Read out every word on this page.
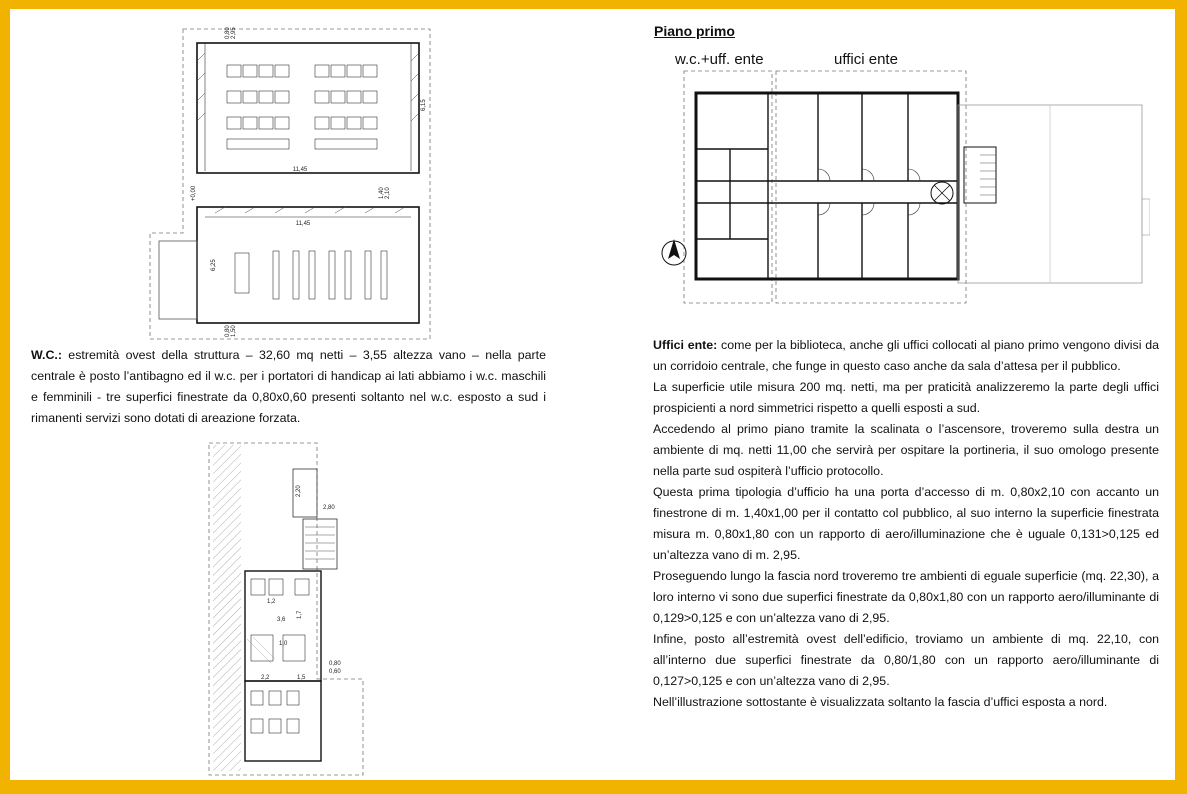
11,45
6,15
+0,00
11,45
6,25
0,80 2,95
0,80 1,50
1,40 2,10

W.C.: estremità ovest della struttura – 32,60 mq netti – 3,55 altezza vano – nella parte centrale è posto l’antibagno ed il w.c. per i portatori di handicap ai lati abbiamo i w.c. maschili e femminili - tre superfici finestrate da 0,80x0,60 presenti soltanto nel w.c. esposto a sud i rimanenti servizi sono dotati di areazione forzata.

2,20
2,80
1,2
3,6
1,7
2,2	1,5
0,80
0,60
1,0
Piano primo
w.c.+uff. ente	uffici ente

Uffici ente: come per la biblioteca, anche gli uffici collocati al piano primo vengono divisi da un corridoio centrale, che funge in questo caso anche da sala d’attesa per il pubblico.

La superficie utile misura 200 mq. netti, ma per praticità analizzeremo la parte degli uffici prospicienti a nord simmetrici rispetto a quelli esposti a sud.

Accedendo al primo piano tramite la scalinata o l’ascensore, troveremo sulla destra un ambiente di mq. netti 11,00 che servirà per ospitare la portineria, il suo omologo presente nella parte sud ospiterà l’ufficio protocollo.

Questa prima tipologia d’ufficio ha una porta d’accesso di m. 0,80x2,10 con accanto un finestrone di m. 1,40x1,00 per il contatto col pubblico, al suo interno la superficie finestrata misura m. 0,80x1,80 con un rapporto di aero/illuminazione che è uguale 0,131>0,125 ed un’altezza vano di m. 2,95.

Proseguendo lungo la fascia nord troveremo tre ambienti di eguale superficie (mq. 22,30), a loro interno vi sono due superfici finestrate da 0,80x1,80 con un rapporto aero/illuminante di 0,129>0,125 e con un’altezza vano di 2,95.

Infine, posto all’estremità ovest dell’edificio, troviamo un ambiente di mq. 22,10, con all’interno due superfici finestrate da 0,80/1,80 con un rapporto aero/illuminante di 0,127>0,125 e con un’altezza vano di 2,95.

Nell’illustrazione sottostante è visualizzata soltanto la fascia d’uffici esposta a nord.
